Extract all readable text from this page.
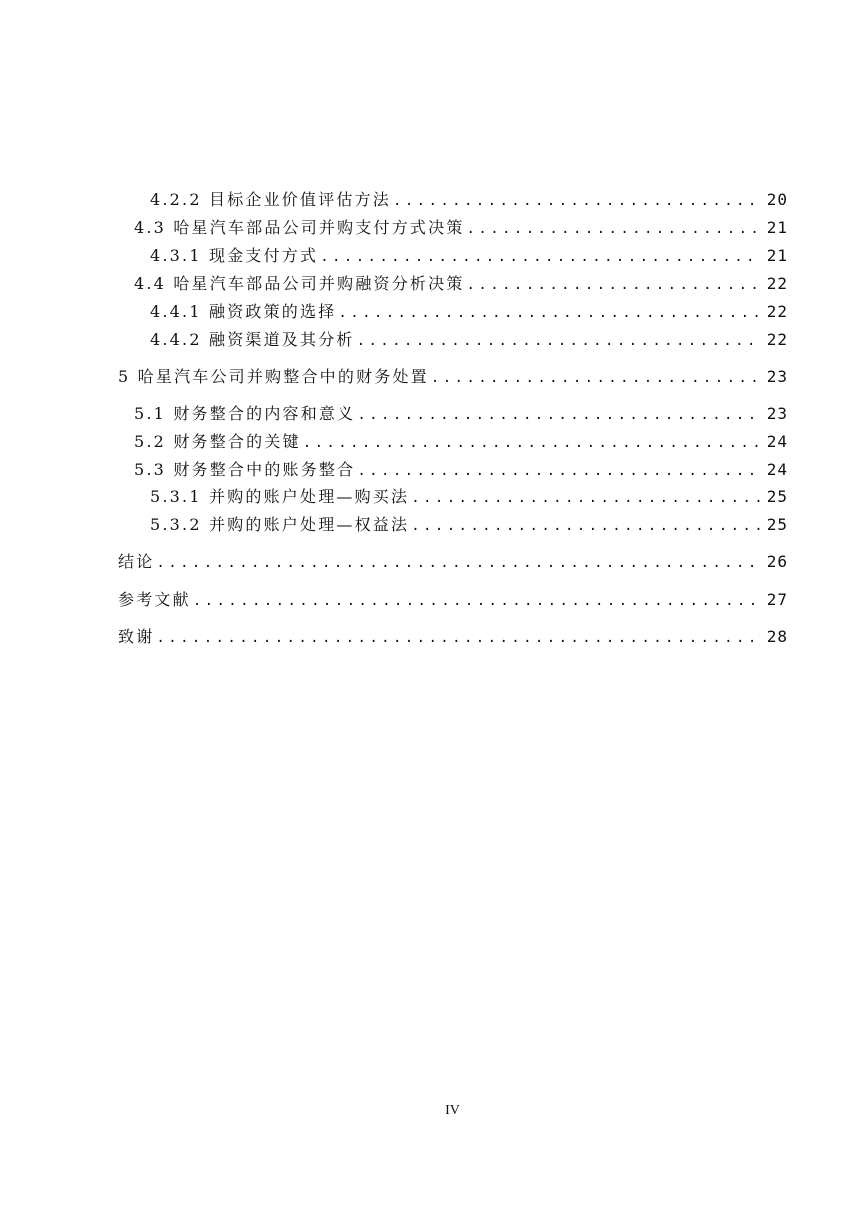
4.2.2 目标企业价值评估方法 .....	20
4.3 哈星汽车部品公司并购支付方式决策 .....	21
4.3.1 现金支付方式 .....	21
4.4 哈星汽车部品公司并购融资分析决策 .....	22
4.4.1 融资政策的选择 .....	22
4.4.2 融资渠道及其分析 .....	22
5 哈星汽车公司并购整合中的财务处置 .....	23
5.1 财务整合的内容和意义 .....	23
5.2 财务整合的关键 .....	24
5.3 财务整合中的账务整合 .....	24
5.3.1 并购的账户处理—购买法 .....	25
5.3.2 并购的账户处理—权益法 .....	25
结论 .....	26
参考文献 .....	27
致谢 .....	28
IV
